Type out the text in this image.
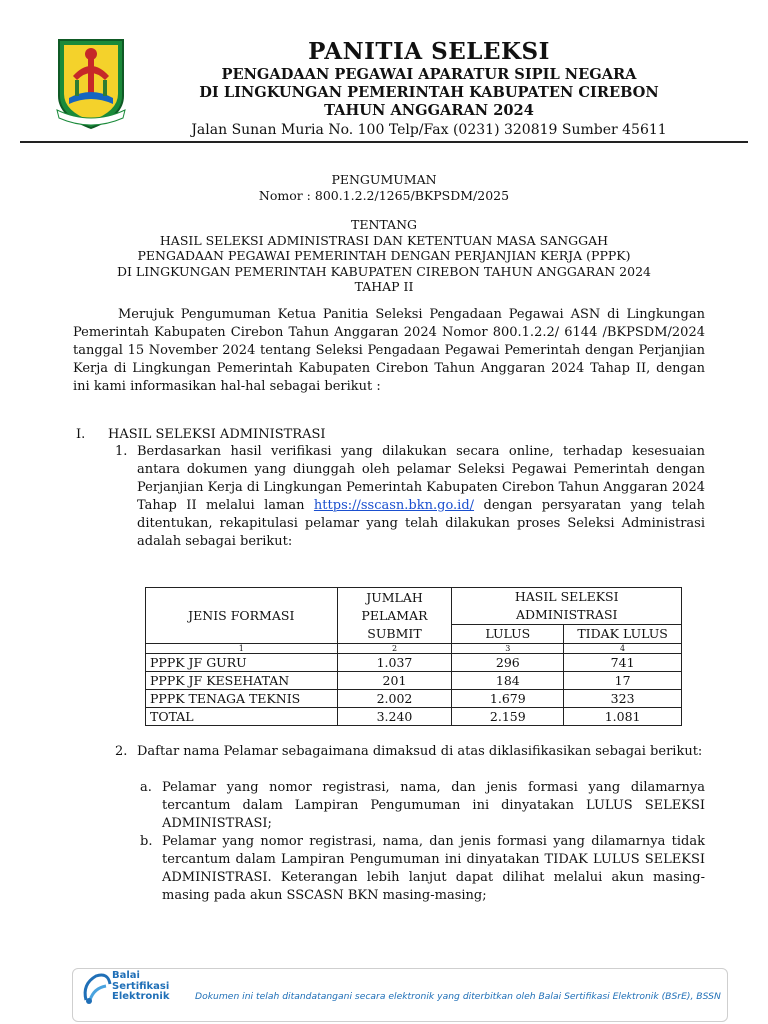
PANITIA SELEKSI
PENGADAAN PEGAWAI APARATUR SIPIL NEGARA
DI LINGKUNGAN PEMERINTAH KABUPATEN CIREBON
TAHUN ANGGARAN 2024
Jalan Sunan Muria No. 100 Telp/Fax (0231) 320819 Sumber 45611
PENGUMUMAN
Nomor : 800.1.2.2/1265/BKPSDM/2025
TENTANG
HASIL SELEKSI ADMINISTRASI DAN KETENTUAN MASA SANGGAH
PENGADAAN PEGAWAI PEMERINTAH DENGAN PERJANJIAN KERJA (PPPK)
DI LINGKUNGAN PEMERINTAH KABUPATEN CIREBON TAHUN ANGGARAN 2024
TAHAP II
Merujuk Pengumuman Ketua Panitia Seleksi Pengadaan Pegawai ASN di Lingkungan Pemerintah Kabupaten Cirebon Tahun Anggaran 2024 Nomor 800.1.2.2/ 6144 /BKPSDM/2024 tanggal 15 November 2024 tentang Seleksi Pengadaan Pegawai Pemerintah dengan Perjanjian Kerja di Lingkungan Pemerintah Kabupaten Cirebon Tahun Anggaran 2024 Tahap II, dengan ini kami informasikan hal-hal sebagai berikut :
I. HASIL SELEKSI ADMINISTRASI
1. Berdasarkan hasil verifikasi yang dilakukan secara online, terhadap kesesuaian antara dokumen yang diunggah oleh pelamar Seleksi Pegawai Pemerintah dengan Perjanjian Kerja di Lingkungan Pemerintah Kabupaten Cirebon Tahun Anggaran 2024 Tahap II melalui laman https://sscasn.bkn.go.id/ dengan persyaratan yang telah ditentukan, rekapitulasi pelamar yang telah dilakukan proses Seleksi Administrasi adalah sebagai berikut:
JENIS FORMASI	JUMLAH PELAMAR SUBMIT	HASIL SELEKSI ADMINISTRASI	

		LULUS	TIDAK LULUS
1	2	3	4
PPPK JF GURU	1.037	296	741
PPPK JF KESEHATAN	201	184	17
PPPK TENAGA TEKNIS	2.002	1.679	323
TOTAL	3.240	2.159	1.081
2. Daftar nama Pelamar sebagaimana dimaksud di atas diklasifikasikan sebagai berikut:
a. Pelamar yang nomor registrasi, nama, dan jenis formasi yang dilamarnya tercantum dalam Lampiran Pengumuman ini dinyatakan LULUS SELEKSI ADMINISTRASI;
b. Pelamar yang nomor registrasi, nama, dan jenis formasi yang dilamarnya tidak tercantum dalam Lampiran Pengumuman ini dinyatakan TIDAK LULUS SELEKSI ADMINISTRASI. Keterangan lebih lanjut dapat dilihat melalui akun masing-masing pada akun SSCASN BKN masing-masing;
Balai
Sertifikasi
Elektronik	Dokumen ini telah ditandatangani secara elektronik yang diterbitkan oleh Balai Sertifikasi Elektronik (BSrE), BSSN
